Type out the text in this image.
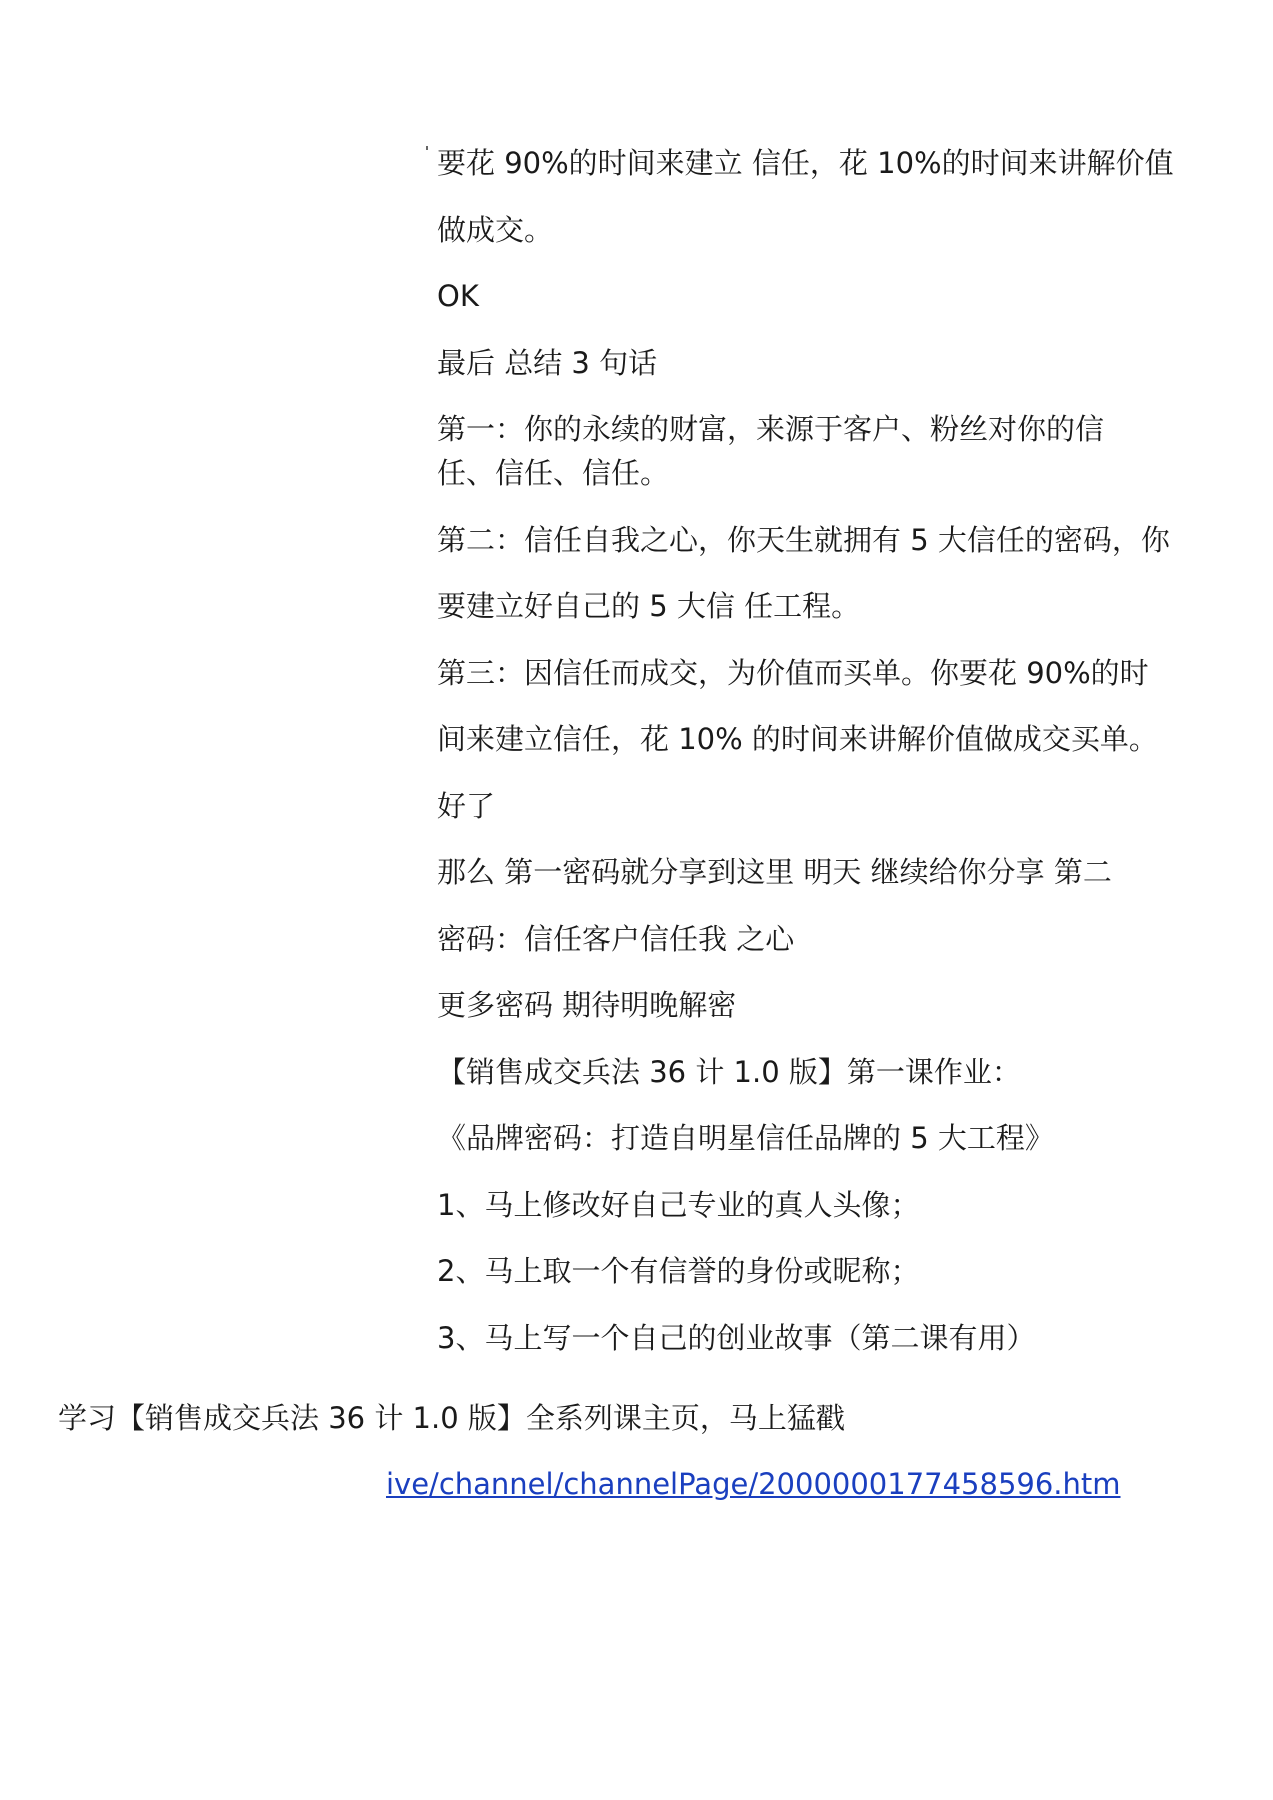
要花 90%的时间来建立 信任，花 10%的时间来讲解价值
做成交。
OK
最后 总结 3 句话
第一：你的永续的财富，来源于客户、粉丝对你的信
任、信任、信任。
第二：信任自我之心，你天生就拥有 5 大信任的密码，你
要建立好自己的 5 大信 任工程。
第三：因信任而成交，为价值而买单。你要花 90%的时
间来建立信任，花 10% 的时间来讲解价值做成交买单。
好了
那么 第一密码就分享到这里 明天 继续给你分享 第二
密码：信任客户信任我 之心
更多密码 期待明晚解密
【销售成交兵法 36 计 1.0 版】第一课作业：
《品牌密码：打造自明星信任品牌的 5 大工程》
1、马上修改好自己专业的真人头像；
2、马上取一个有信誉的身份或昵称；
3、马上写一个自己的创业故事（第二课有用）
学习【销售成交兵法 36 计 1.0 版】全系列课主页，马上猛戳
ive/channel/channelPage/2000000177458596.htm
